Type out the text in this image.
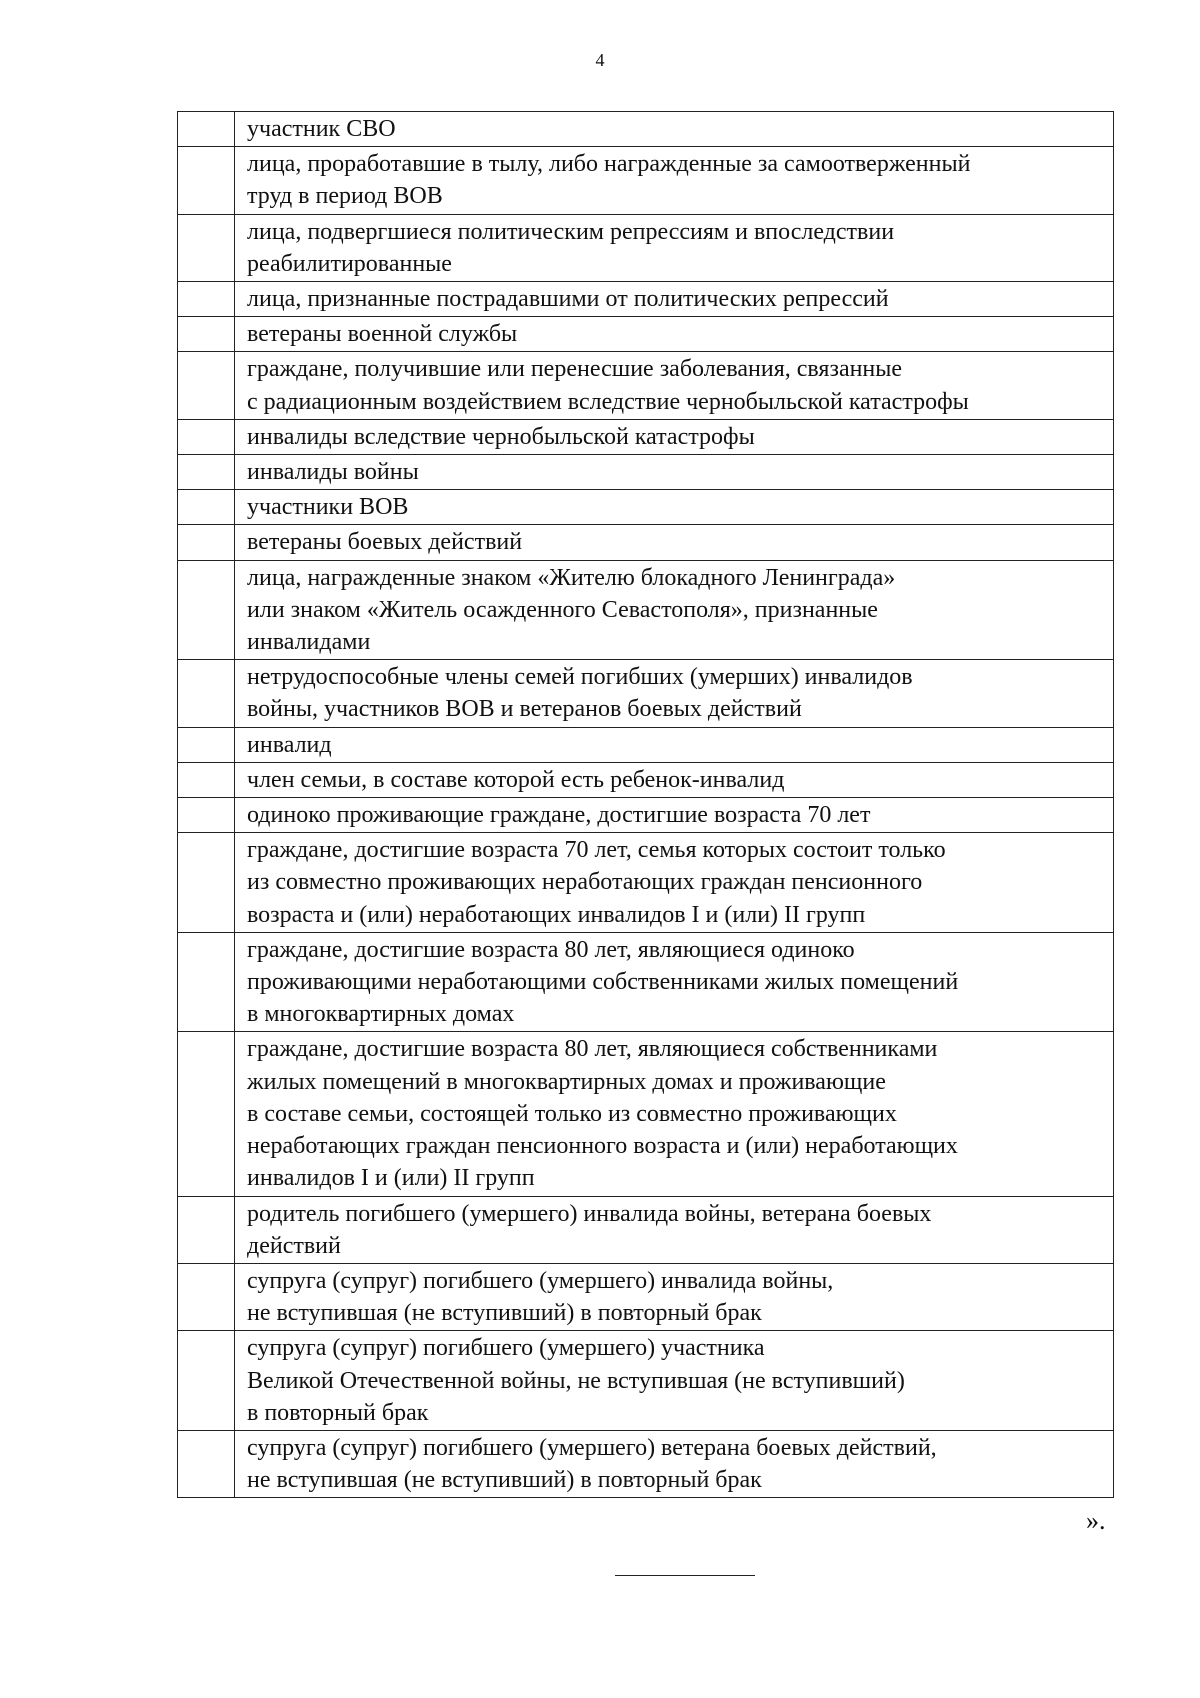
4

	участник СВО

	лица, проработавшие в тылу, либо награжденные за самоотверженный
труд в период ВОВ

	лица, подвергшиеся политическим репрессиям и впоследствии
реабилитированные

	лица, признанные пострадавшими от политических репрессий

	ветераны военной службы

	граждане, получившие или перенесшие заболевания, связанные
с радиационным воздействием вследствие чернобыльской катастрофы

	инвалиды вследствие чернобыльской катастрофы

	инвалиды войны

	участники ВОВ

	ветераны боевых действий

	лица, награжденные знаком «Жителю блокадного Ленинграда»
или знаком «Житель осажденного Севастополя», признанные
инвалидами

	нетрудоспособные члены семей погибших (умерших) инвалидов
войны, участников ВОВ и ветеранов боевых действий

	инвалид

	член семьи, в составе которой есть ребенок-инвалид

	одиноко проживающие граждане, достигшие возраста 70 лет

	граждане, достигшие возраста 70 лет, семья которых состоит только
из совместно проживающих неработающих граждан пенсионного
возраста и (или) неработающих инвалидов I и (или) II групп

	граждане, достигшие возраста 80 лет, являющиеся одиноко
проживающими неработающими собственниками жилых помещений
в многоквартирных домах

	граждане, достигшие возраста 80 лет, являющиеся собственниками
жилых помещений в многоквартирных домах и проживающие
в составе семьи, состоящей только из совместно проживающих
неработающих граждан пенсионного возраста и (или) неработающих
инвалидов I и (или) II групп

	родитель погибшего (умершего) инвалида войны, ветерана боевых
действий

	супруга (супруг) погибшего (умершего) инвалида войны,
не вступившая (не вступивший) в повторный брак

	супруга (супруг) погибшего (умершего) участника
Великой Отечественной войны, не вступившая (не вступивший)
в повторный брак

	супруга (супруг) погибшего (умершего) ветерана боевых действий,
не вступившая (не вступивший) в повторный брак
».
